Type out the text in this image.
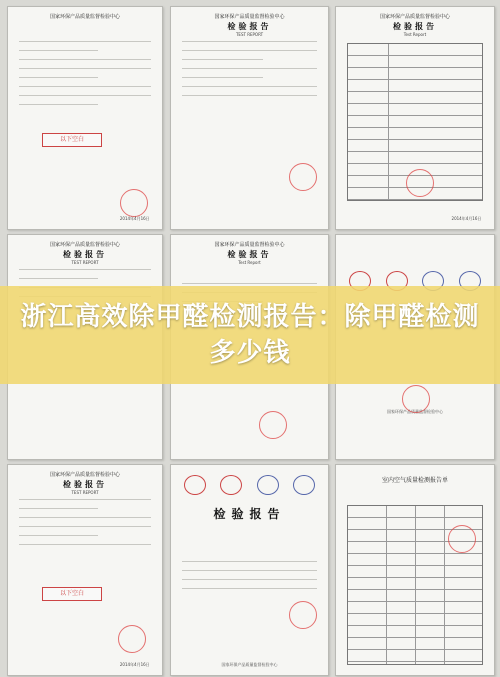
国家环保产品质量监督检验中心
以下空白
2014年4月16日
国家环保产品质量监督检验中心
检验报告
TEST REPORT
国家环保产品质量监督检验中心
检验报告
Test Report
2014年4月16日
国家环保产品质量监督检验中心
检验报告
TEST REPORT
国家环保产品质量监督检验中心
检验报告
Test Report
国家环保产品质量监督检验中心
国家环保产品质量监督检验中心
检验报告
TEST REPORT
以下空白
2014年4月16日
检验报告
国家环保产品质量监督检验中心
室内空气质量检测报告单
浙江高效除甲醛检测报告：除甲醛检测多少钱
